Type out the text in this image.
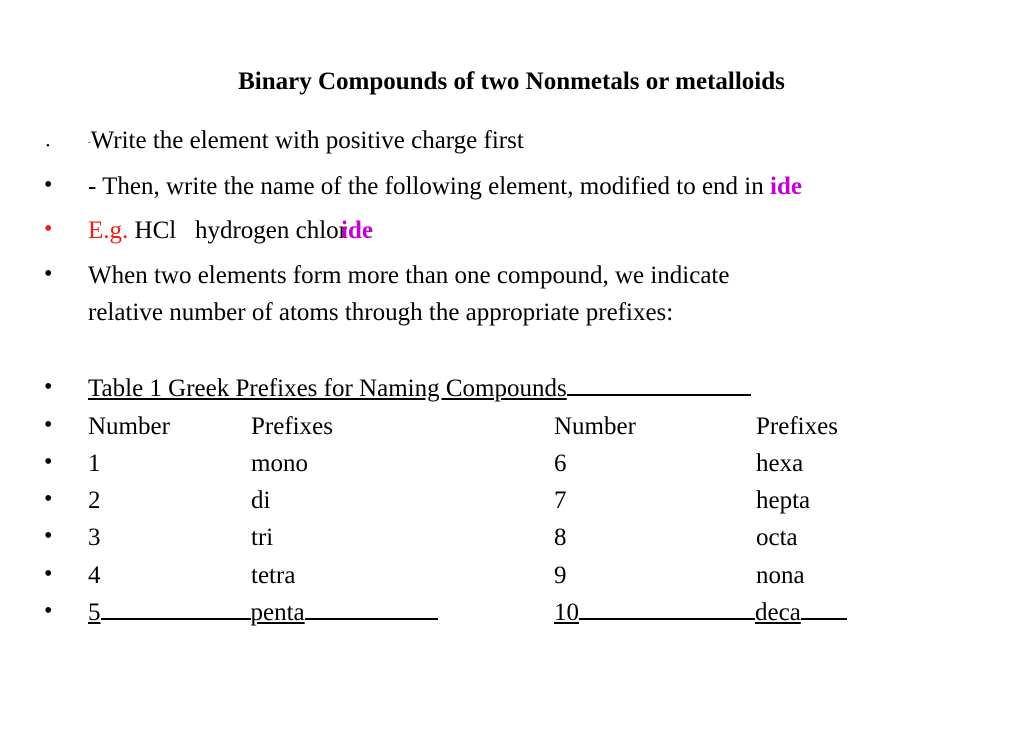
Binary Compounds of two Nonmetals or metalloids
•	-Write the element with positive charge first
• - Then, write the name of the following element, modified to end in ide
• E.g. HCl hydrogen chloride
• When two elements form more than one compound, we indicate
relative number of atoms through the appropriate prefixes:
• Table 1 Greek Prefixes for Naming Compounds
• Number	Prefixes	Number	Prefixes
• 1	mono	6	hexa
• 2	di	7	hepta
• 3	tri	8	octa
• 4	tetra	9	nona
• 5	penta	10	deca
